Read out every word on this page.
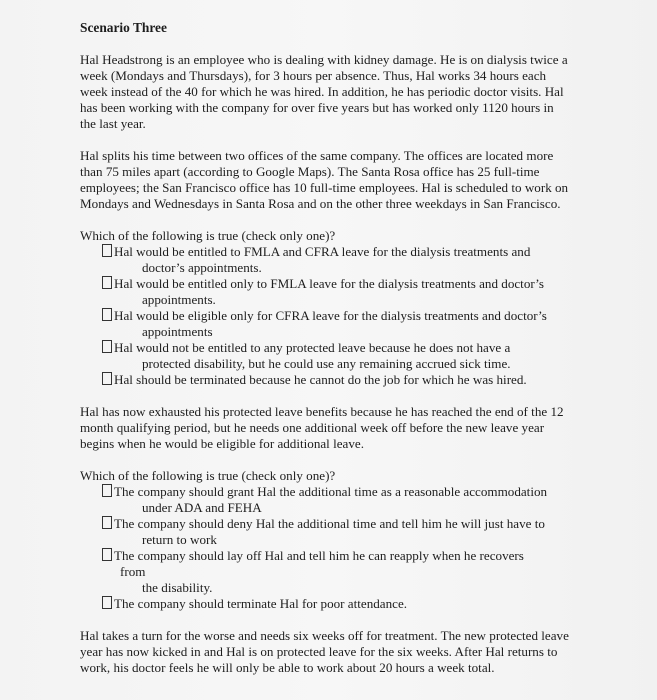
Scenario Three

Hal Headstrong is an employee who is dealing with kidney damage. He is on dialysis twice a week (Mondays and Thursdays), for 3 hours per absence. Thus, Hal works 34 hours each week instead of the 40 for which he was hired. In addition, he has periodic doctor visits. Hal has been working with the company for over five years but has worked only 1120 hours in the last year.

Hal splits his time between two offices of the same company. The offices are located more than 75 miles apart (according to Google Maps). The Santa Rosa office has 25 full-time employees; the San Francisco office has 10 full-time employees. Hal is scheduled to work on Mondays and Wednesdays in Santa Rosa and on the other three weekdays in San Francisco.

Which of the following is true (check only one)?

Hal would be entitled to FMLA and CFRA leave for the dialysis treatments and
doctor’s appointments.
Hal would be entitled only to FMLA leave for the dialysis treatments and doctor’s
appointments.
Hal would be eligible only for CFRA leave for the dialysis treatments and doctor’s
appointments
Hal would not be entitled to any protected leave because he does not have a
protected disability, but he could use any remaining accrued sick time.
Hal should be terminated because he cannot do the job for which he was hired.

Hal has now exhausted his protected leave benefits because he has reached the end of the 12 month qualifying period, but he needs one additional week off before the new leave year begins when he would be eligible for additional leave.

Which of the following is true (check only one)?

The company should grant Hal the additional time as a reasonable accommodation
under ADA and FEHA
The company should deny Hal the additional time and tell him he will just have to
return to work
The company should lay off Hal and tell him he can reapply when he recovers from
the disability.
The company should terminate Hal for poor attendance.

Hal takes a turn for the worse and needs six weeks off for treatment. The new protected leave year has now kicked in and Hal is on protected leave for the six weeks. After Hal returns to work, his doctor feels he will only be able to work about 20 hours a week total.
